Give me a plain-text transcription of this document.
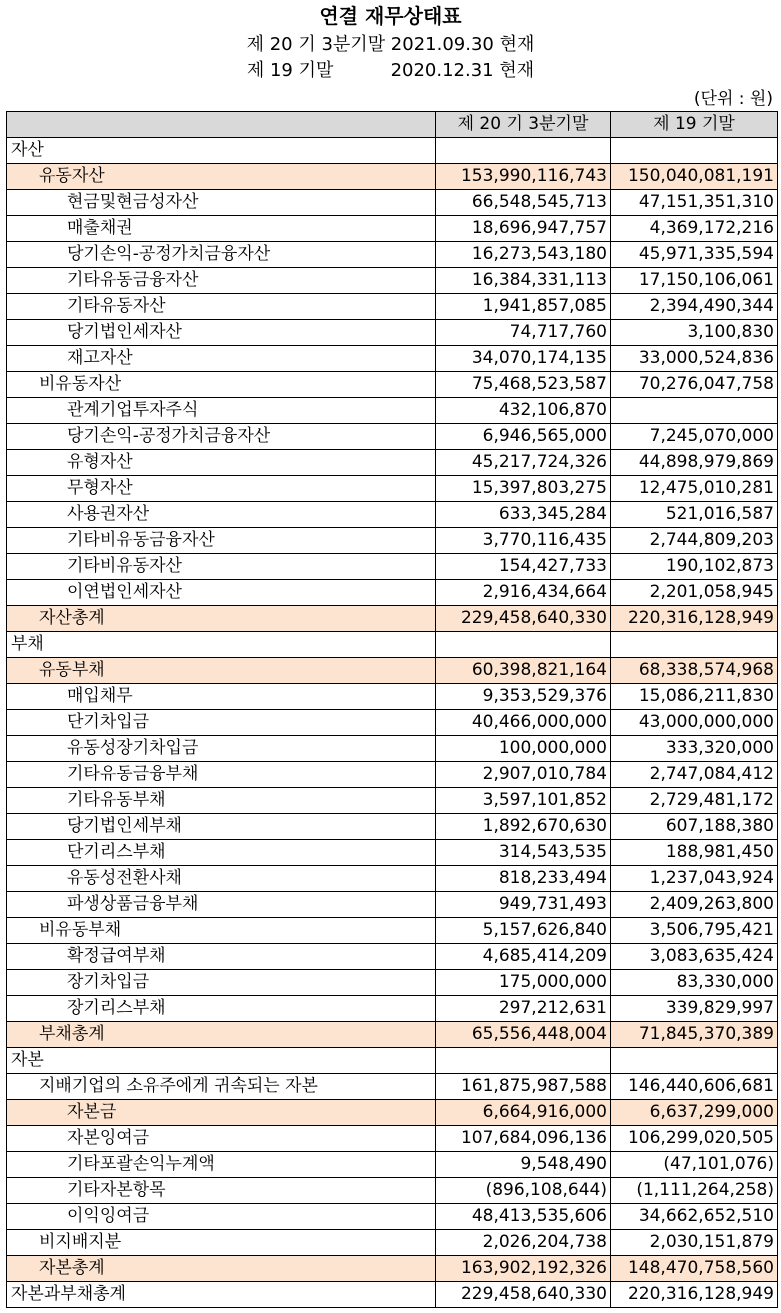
연결 재무상태표
제 20 기 3분기말 2021.09.30 현재
제 19 기말          2020.12.31 현재
(단위 : 원)
	제 20 기 3분기말	제 19 기말
자산		
유동자산	153,990,116,743	150,040,081,191
현금및현금성자산	66,548,545,713	47,151,351,310
매출채권	18,696,947,757	4,369,172,216
당기손익-공정가치금융자산	16,273,543,180	45,971,335,594
기타유동금융자산	16,384,331,113	17,150,106,061
기타유동자산	1,941,857,085	2,394,490,344
당기법인세자산	74,717,760	3,100,830
재고자산	34,070,174,135	33,000,524,836
비유동자산	75,468,523,587	70,276,047,758
관계기업투자주식	432,106,870	
당기손익-공정가치금융자산	6,946,565,000	7,245,070,000
유형자산	45,217,724,326	44,898,979,869
무형자산	15,397,803,275	12,475,010,281
사용권자산	633,345,284	521,016,587
기타비유동금융자산	3,770,116,435	2,744,809,203
기타비유동자산	154,427,733	190,102,873
이연법인세자산	2,916,434,664	2,201,058,945
자산총계	229,458,640,330	220,316,128,949
부채		
유동부채	60,398,821,164	68,338,574,968
매입채무	9,353,529,376	15,086,211,830
단기차입금	40,466,000,000	43,000,000,000
유동성장기차입금	100,000,000	333,320,000
기타유동금융부채	2,907,010,784	2,747,084,412
기타유동부채	3,597,101,852	2,729,481,172
당기법인세부채	1,892,670,630	607,188,380
단기리스부채	314,543,535	188,981,450
유동성전환사채	818,233,494	1,237,043,924
파생상품금융부채	949,731,493	2,409,263,800
비유동부채	5,157,626,840	3,506,795,421
확정급여부채	4,685,414,209	3,083,635,424
장기차입금	175,000,000	83,330,000
장기리스부채	297,212,631	339,829,997
부채총계	65,556,448,004	71,845,370,389
자본		
지배기업의 소유주에게 귀속되는 자본	161,875,987,588	146,440,606,681
자본금	6,664,916,000	6,637,299,000
자본잉여금	107,684,096,136	106,299,020,505
기타포괄손익누계액	9,548,490	(47,101,076)
기타자본항목	(896,108,644)	(1,111,264,258)
이익잉여금	48,413,535,606	34,662,652,510
비지배지분	2,026,204,738	2,030,151,879
자본총계	163,902,192,326	148,470,758,560
자본과부채총계	229,458,640,330	220,316,128,949
